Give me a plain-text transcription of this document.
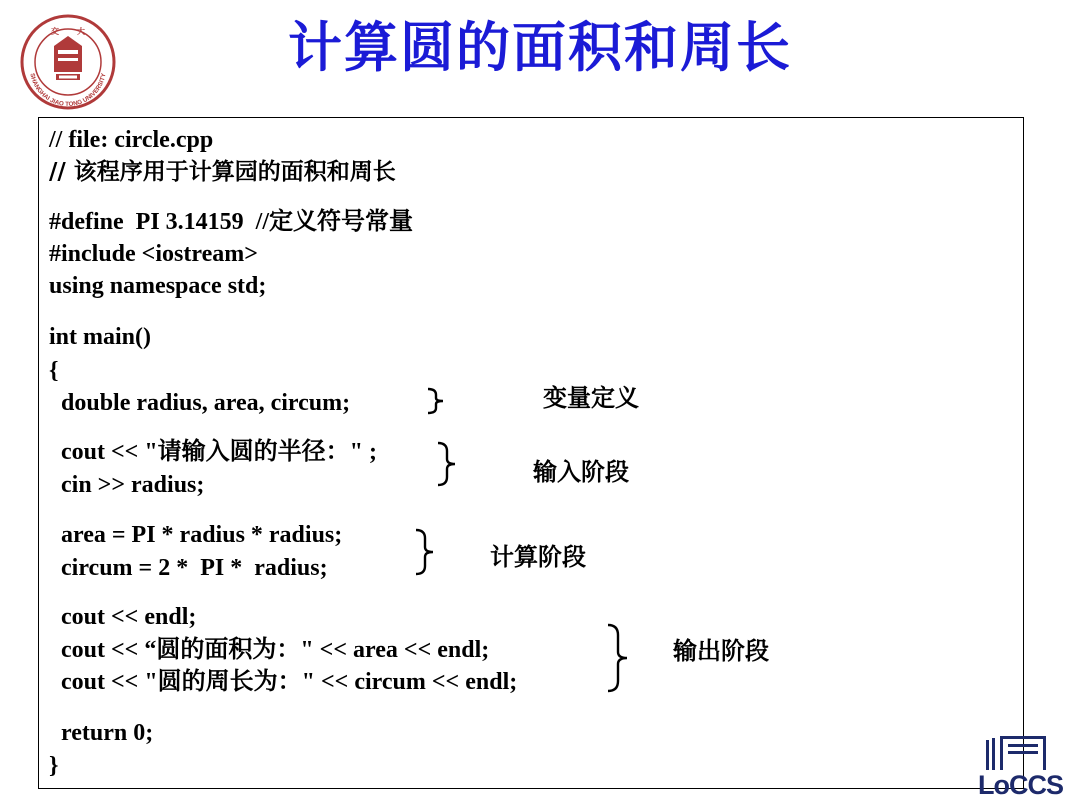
SHANGHAI JIAO TONG UNIVERSITY
交 大	计算圆的面积和周长
// file: circle.cpp
// 该程序用于计算园的面积和周长
#define  PI 3.14159  //定义符号常量
#include <iostream>
using namespace std;
int main()
{
double radius, area, circum;
cout << "请输入圆的半径：" ;
cin >> radius;
area = PI * radius * radius;
circum = 2 *  PI *  radius;
cout << endl;
cout << “圆的面积为：" << area << endl;
cout << "圆的周长为：" << circum << endl;
return 0;
}
变量定义
输入阶段
计算阶段
输出阶段
LoCCS
